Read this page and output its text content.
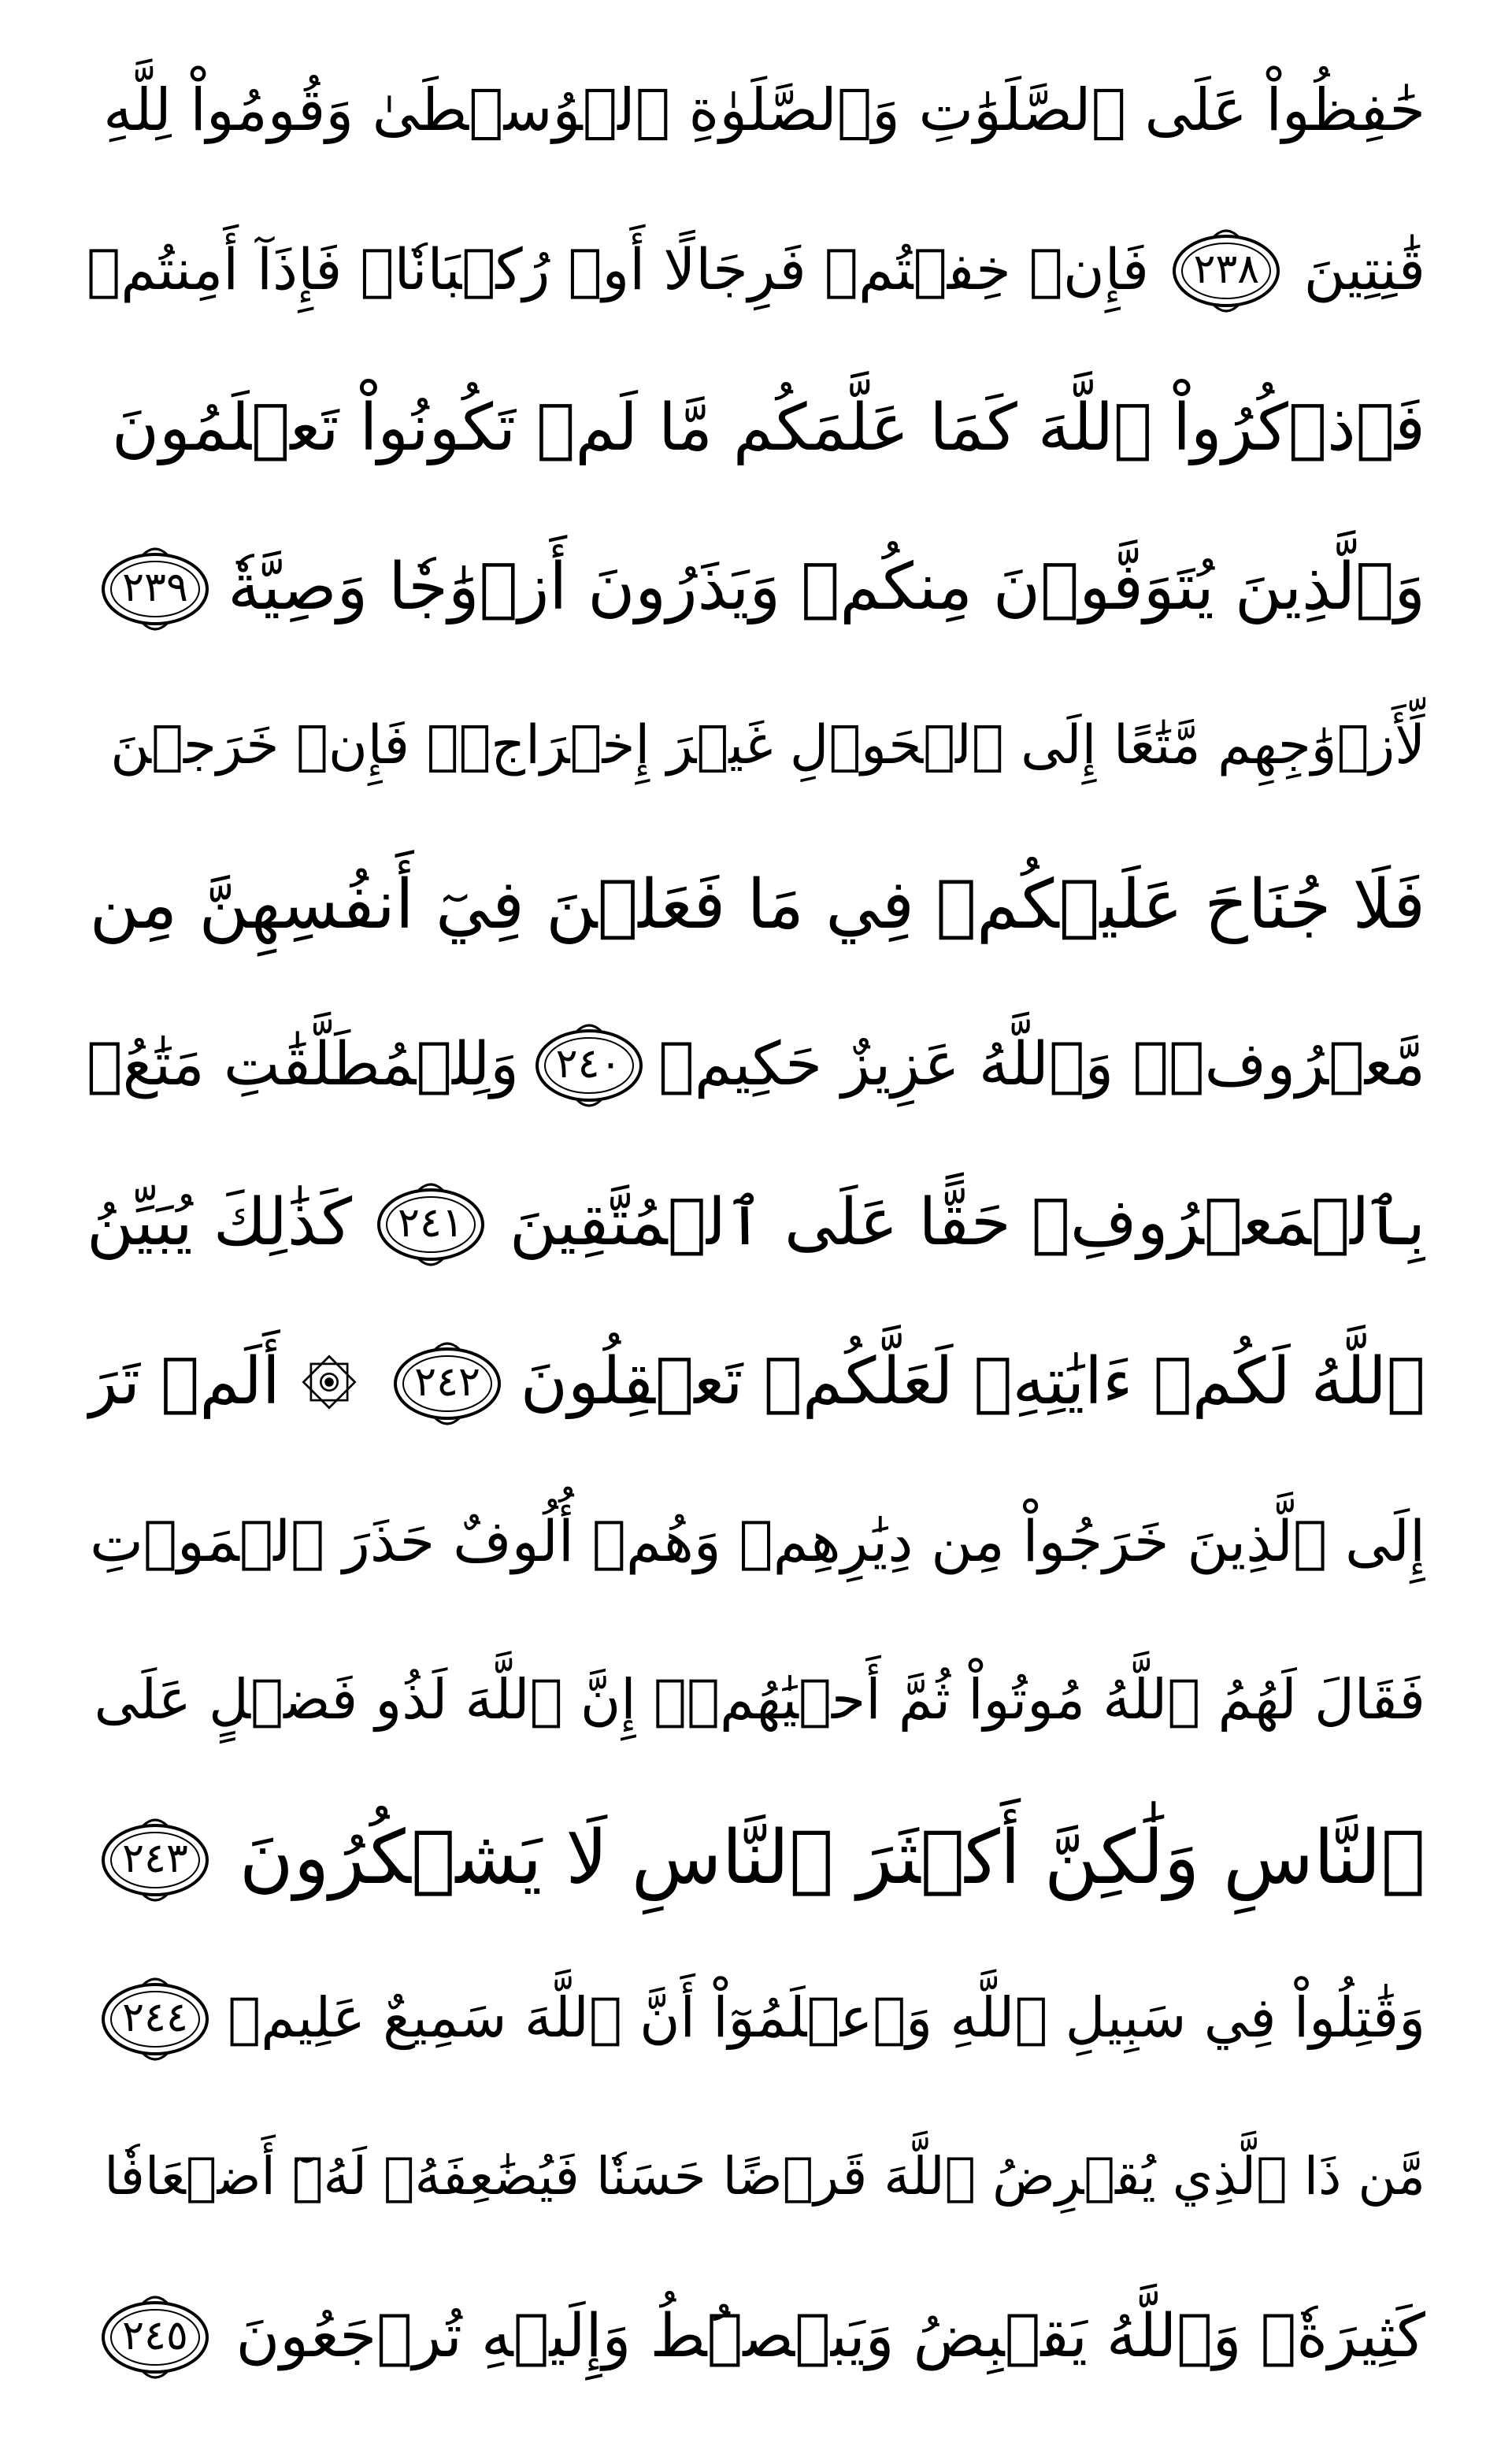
حَٰفِظُواْ عَلَى ٱلصَّلَوَٰتِ وَٱلصَّلَوٰةِ ٱلۡوُسۡطَىٰ وَقُومُواْ لِلَّهِ
قَٰنِتِينَ
٢٣٨
فَإِنۡ خِفۡتُمۡ فَرِجَالًا أَوۡ رُكۡبَانٗاۖ فَإِذَآ أَمِنتُمۡ
فَٱذۡكُرُواْ ٱللَّهَ كَمَا عَلَّمَكُم مَّا لَمۡ تَكُونُواْ تَعۡلَمُونَ
وَٱلَّذِينَ يُتَوَفَّوۡنَ مِنكُمۡ وَيَذَرُونَ أَزۡوَٰجٗا وَصِيَّةٗ
٢٣٩
لِّأَزۡوَٰجِهِم مَّتَٰعًا إِلَى ٱلۡحَوۡلِ غَيۡرَ إِخۡرَاجٖۚ فَإِنۡ خَرَجۡنَ
فَلَا جُنَاحَ عَلَيۡكُمۡ فِي مَا فَعَلۡنَ فِيٓ أَنفُسِهِنَّ مِن
مَّعۡرُوفٖۗ وَٱللَّهُ عَزِيزٌ حَكِيمٞ
٢٤٠
وَلِلۡمُطَلَّقَٰتِ مَتَٰعُۢ
بِٱلۡمَعۡرُوفِۖ حَقًّا عَلَى ٱلۡمُتَّقِينَ
٢٤١
كَذَٰلِكَ يُبَيِّنُ
ٱللَّهُ لَكُمۡ ءَايَٰتِهِۦ لَعَلَّكُمۡ تَعۡقِلُونَ
٢٤٢
أَلَمۡ تَرَ
إِلَى ٱلَّذِينَ خَرَجُواْ مِن دِيَٰرِهِمۡ وَهُمۡ أُلُوفٌ حَذَرَ ٱلۡمَوۡتِ
فَقَالَ لَهُمُ ٱللَّهُ مُوتُواْ ثُمَّ أَحۡيَٰهُمۡۚ إِنَّ ٱللَّهَ لَذُو فَضۡلٍ عَلَى
ٱلنَّاسِ وَلَٰكِنَّ أَكۡثَرَ ٱلنَّاسِ لَا يَشۡكُرُونَ
٢٤٣
وَقَٰتِلُواْ فِي سَبِيلِ ٱللَّهِ وَٱعۡلَمُوٓاْ أَنَّ ٱللَّهَ سَمِيعٌ عَلِيمٞ
٢٤٤
مَّن ذَا ٱلَّذِي يُقۡرِضُ ٱللَّهَ قَرۡضًا حَسَنٗا فَيُضَٰعِفَهُۥ لَهُۥٓ أَضۡعَافٗا
كَثِيرَةٗۚ وَٱللَّهُ يَقۡبِضُ وَيَبۡصُۜطُ وَإِلَيۡهِ تُرۡجَعُونَ
٢٤٥
